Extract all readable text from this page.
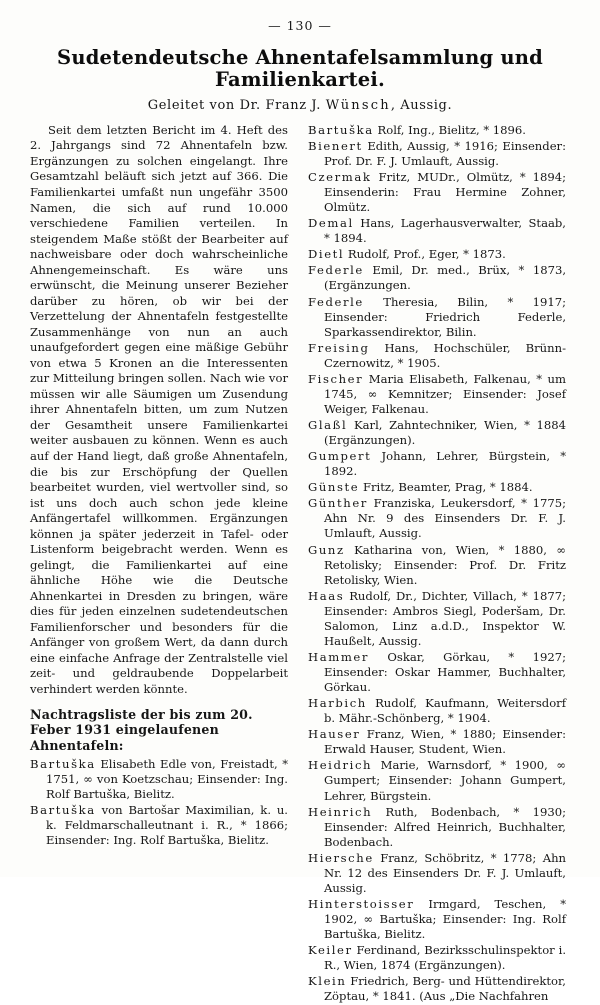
— 130 —
Sudetendeutsche Ahnentafelsammlung und Familienkartei.
Geleitet von Dr. Franz J. Wünsch, Aussig.

Seit dem letzten Bericht im 4. Heft des 2. Jahrgangs sind 72 Ahnentafeln bzw. Ergänzungen zu solchen eingelangt. Ihre Gesamtzahl beläuft sich jetzt auf 366. Die Familienkartei umfaßt nun ungefähr 3500 Namen, die sich auf rund 10.000 verschiedene Familien verteilen. In steigendem Maße stößt der Bearbeiter auf nachweisbare oder doch wahrscheinliche Ahnengemeinschaft. Es wäre uns erwünscht, die Meinung unserer Bezieher darüber zu hören, ob wir bei der Verzettelung der Ahnentafeln festgestellte Zusammenhänge von nun an auch unaufgefordert gegen eine mäßige Gebühr von etwa 5 Kronen an die Interessenten zur Mitteilung bringen sollen. Nach wie vor müssen wir alle Säumigen um Zusendung ihrer Ahnentafeln bitten, um zum Nutzen der Gesamtheit unsere Familienkartei weiter ausbauen zu können. Wenn es auch auf der Hand liegt, daß große Ahnentafeln, die bis zur Erschöpfung der Quellen bearbeitet wurden, viel wertvoller sind, so ist uns doch auch schon jede kleine Anfängertafel willkommen. Ergänzungen können ja später jederzeit in Tafel- oder Listenform beigebracht werden. Wenn es gelingt, die Familienkartei auf eine ähnliche Höhe wie die Deutsche Ahnenkartei in Dresden zu bringen, wäre dies für jeden einzelnen sudetendeutschen Familienforscher und besonders für die Anfänger von großem Wert, da dann durch eine einfache Anfrage der Zentralstelle viel zeit- und geldraubende Doppelarbeit verhindert werden könnte.

Nachtragsliste der bis zum 20. Feber 1931 eingelaufenen Ahnentafeln:
Bartuška Elisabeth Edle von, Freistadt, * 1751, ∞ von Koetzschau; Einsender: Ing. Rolf Bartuška, Bielitz.
Bartuška von Bartošar Maximilian, k. u. k. Feldmarschalleutnant i. R., * 1866; Einsender: Ing. Rolf Bartuška, Bielitz.
Bartuška Rolf, Ing., Bielitz, * 1896.
Bienert Edith, Aussig, * 1916; Einsender: Prof. Dr. F. J. Umlauft, Aussig.
Czermak Fritz, MUDr., Olmütz, * 1894; Einsenderin: Frau Hermine Zohner, Olmütz.
Demal Hans, Lagerhausverwalter, Staab, * 1894.
Dietl Rudolf, Prof., Eger, * 1873.
Federle Emil, Dr. med., Brüx, * 1873, (Ergänzungen.
Federle Theresia, Bilin, * 1917; Einsender: Friedrich Federle, Sparkassendirektor, Bilin.
Freising Hans, Hochschüler, Brünn-Czernowitz, * 1905.
Fischer Maria Elisabeth, Falkenau, * um 1745, ∞ Kemnitzer; Einsender: Josef Weiger, Falkenau.
Glaßl Karl, Zahntechniker, Wien, * 1884 (Ergänzungen).
Gumpert Johann, Lehrer, Bürgstein, * 1892.
Günste Fritz, Beamter, Prag, * 1884.
Günther Franziska, Leukersdorf, * 1775; Ahn Nr. 9 des Einsenders Dr. F. J. Umlauft, Aussig.
Gunz Katharina von, Wien, * 1880, ∞ Retolisky; Einsender: Prof. Dr. Fritz Retolisky, Wien.
Haas Rudolf, Dr., Dichter, Villach, * 1877; Einsender: Ambros Siegl, Poderšam, Dr. Salomon, Linz a.d.D., Inspektor W. Haußelt, Aussig.
Hammer Oskar, Görkau, * 1927; Einsender: Oskar Hammer, Buchhalter, Görkau.
Harbich Rudolf, Kaufmann, Weitersdorf b. Mähr.-Schönberg, * 1904.
Hauser Franz, Wien, * 1880; Einsender: Erwald Hauser, Student, Wien.
Heidrich Marie, Warnsdorf, * 1900, ∞ Gumpert; Einsender: Johann Gumpert, Lehrer, Bürgstein.
Heinrich Ruth, Bodenbach, * 1930; Einsender: Alfred Heinrich, Buchhalter, Bodenbach.
Hiersche Franz, Schöbritz, * 1778; Ahn Nr. 12 des Einsenders Dr. F. J. Umlauft, Aussig.
Hinterstoisser Irmgard, Teschen, * 1902, ∞ Bartuška; Einsender: Ing. Rolf Bartuška, Bielitz.
Keiler Ferdinand, Bezirksschulinspektor i. R., Wien, 1874 (Ergänzungen).
Klein Friedrich, Berg- und Hüttendirektor, Zöptau, * 1841. (Aus „Die Nachfahren
